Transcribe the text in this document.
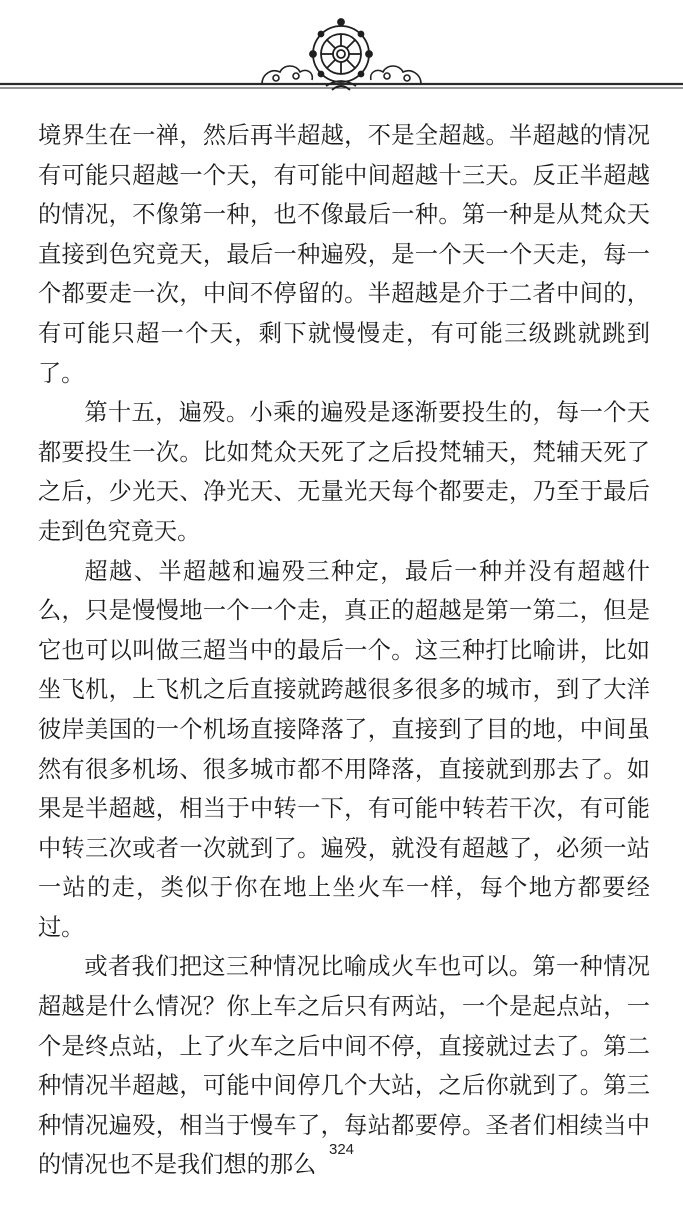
境界生在一禅，然后再半超越，不是全超越。半超越的情况有可能只超越一个天，有可能中间超越十三天。反正半超越的情况，不像第一种，也不像最后一种。第一种是从梵众天直接到色究竟天，最后一种遍殁，是一个天一个天走，每一个都要走一次，中间不停留的。半超越是介于二者中间的，有可能只超一个天，剩下就慢慢走，有可能三级跳就跳到了。

第十五，遍殁。小乘的遍殁是逐渐要投生的，每一个天都要投生一次。比如梵众天死了之后投梵辅天，梵辅天死了之后，少光天、净光天、无量光天每个都要走，乃至于最后走到色究竟天。

超越、半超越和遍殁三种定，最后一种并没有超越什么，只是慢慢地一个一个走，真正的超越是第一第二，但是它也可以叫做三超当中的最后一个。这三种打比喻讲，比如坐飞机，上飞机之后直接就跨越很多很多的城市，到了大洋彼岸美国的一个机场直接降落了，直接到了目的地，中间虽然有很多机场、很多城市都不用降落，直接就到那去了。如果是半超越，相当于中转一下，有可能中转若干次，有可能中转三次或者一次就到了。遍殁，就没有超越了，必须一站一站的走，类似于你在地上坐火车一样，每个地方都要经过。

或者我们把这三种情况比喻成火车也可以。第一种情况超越是什么情况？你上车之后只有两站，一个是起点站，一个是终点站，上了火车之后中间不停，直接就过去了。第二种情况半超越，可能中间停几个大站，之后你就到了。第三种情况遍殁，相当于慢车了，每站都要停。圣者们相续当中的情况也不是我们想的那么

324
